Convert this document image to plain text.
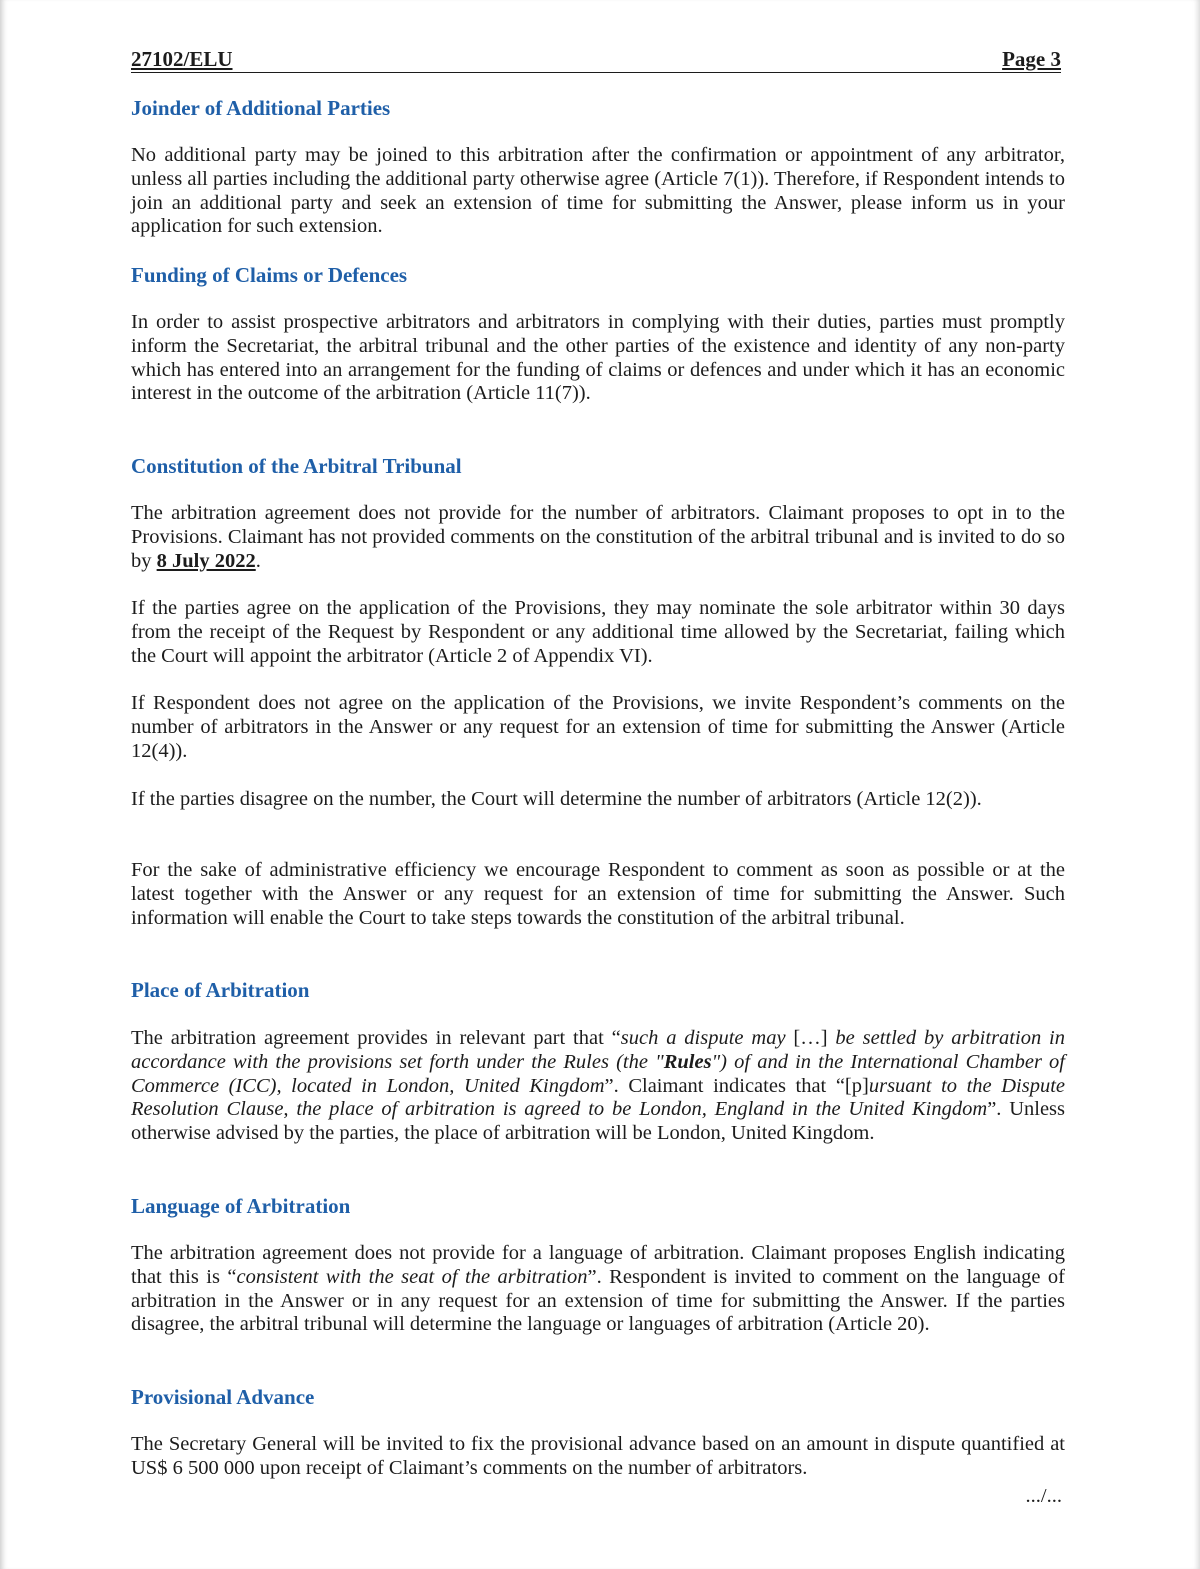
27102/ELU	Page 3
Joinder of Additional Parties

No additional party may be joined to this arbitration after the confirmation or appointment of any arbitrator, unless all parties including the additional party otherwise agree (Article 7(1)). Therefore, if Respondent intends to join an additional party and seek an extension of time for submitting the Answer, please inform us in your application for such extension.

Funding of Claims or Defences

In order to assist prospective arbitrators and arbitrators in complying with their duties, parties must promptly inform the Secretariat, the arbitral tribunal and the other parties of the existence and identity of any non-party which has entered into an arrangement for the funding of claims or defences and under which it has an economic interest in the outcome of the arbitration (Article 11(7)).

Constitution of the Arbitral Tribunal

The arbitration agreement does not provide for the number of arbitrators. Claimant proposes to opt in to the Provisions. Claimant has not provided comments on the constitution of the arbitral tribunal and is invited to do so by 8 July 2022.

If the parties agree on the application of the Provisions, they may nominate the sole arbitrator within 30 days from the receipt of the Request by Respondent or any additional time allowed by the Secretariat, failing which the Court will appoint the arbitrator (Article 2 of Appendix VI).

If Respondent does not agree on the application of the Provisions, we invite Respondent’s comments on the number of arbitrators in the Answer or any request for an extension of time for submitting the Answer (Article 12(4)).

If the parties disagree on the number, the Court will determine the number of arbitrators (Article 12(2)).

For the sake of administrative efficiency we encourage Respondent to comment as soon as possible or at the latest together with the Answer or any request for an extension of time for submitting the Answer. Such information will enable the Court to take steps towards the constitution of the arbitral tribunal.

Place of Arbitration

The arbitration agreement provides in relevant part that “such a dispute may […] be settled by arbitration in accordance with the provisions set forth under the Rules (the "Rules") of and in the International Chamber of Commerce (ICC), located in London, United Kingdom”. Claimant indicates that “[p]ursuant to the Dispute Resolution Clause, the place of arbitration is agreed to be London, England in the United Kingdom”. Unless otherwise advised by the parties, the place of arbitration will be London, United Kingdom.

Language of Arbitration

The arbitration agreement does not provide for a language of arbitration. Claimant proposes English indicating that this is “consistent with the seat of the arbitration”. Respondent is invited to comment on the language of arbitration in the Answer or in any request for an extension of time for submitting the Answer. If the parties disagree, the arbitral tribunal will determine the language or languages of arbitration (Article 20).

Provisional Advance

The Secretary General will be invited to fix the provisional advance based on an amount in dispute quantified at US$ 6 500 000 upon receipt of Claimant’s comments on the number of arbitrators.

.../...
